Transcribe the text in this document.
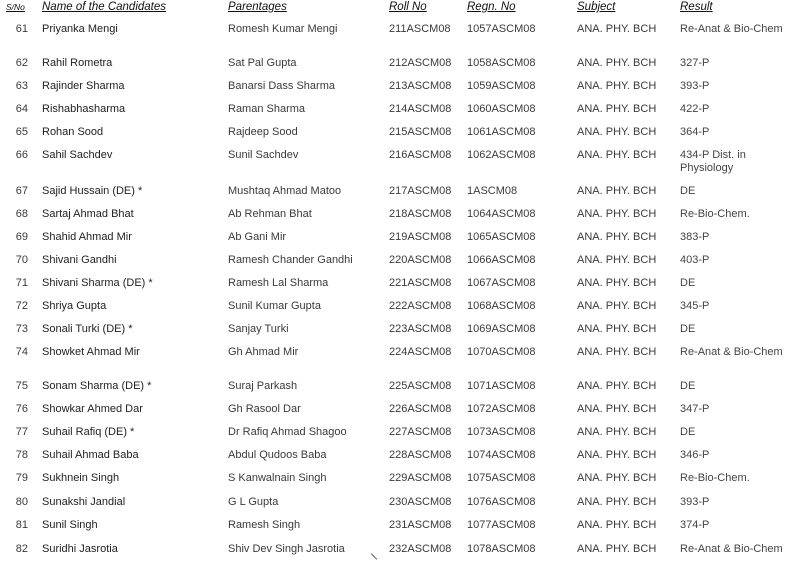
S/No Name of the Candidates	Parentages	Roll No	Regn. No	Subject	Result
61 Priyanka Mengi	Romesh Kumar Mengi	211ASCM08 1057ASCM08	ANA. PHY. BCH Re-Anat & Bio-Chem
62 Rahil Rometra	Sat Pal Gupta	212ASCM08 1058ASCM08	ANA. PHY. BCH 327-P
63 Rajinder Sharma	Banarsi Dass Sharma	213ASCM08 1059ASCM08	ANA. PHY. BCH 393-P
64 Rishabhasharma	Raman Sharma	214ASCM08 1060ASCM08	ANA. PHY. BCH 422-P
65 Rohan Sood	Rajdeep Sood	215ASCM08 1061ASCM08	ANA. PHY. BCH 364-P
66 Sahil Sachdev	Sunil Sachdev	216ASCM08 1062ASCM08	ANA. PHY. BCH 434-P Dist. in
Physiology
67 Sajid Hussain (DE) *	Mushtaq Ahmad Matoo	217ASCM08 1ASCM08	ANA. PHY. BCH DE
68 Sartaj Ahmad Bhat	Ab Rehman Bhat	218ASCM08 1064ASCM08	ANA. PHY. BCH Re-Bio-Chem.
69 Shahid Ahmad Mir	Ab Gani Mir	219ASCM08 1065ASCM08	ANA. PHY. BCH 383-P
70 Shivani Gandhi	Ramesh Chander Gandhi	220ASCM08 1066ASCM08	ANA. PHY. BCH 403-P
71 Shivani Sharma (DE) *	Ramesh Lal Sharma	221ASCM08 1067ASCM08	ANA. PHY. BCH DE
72 Shriya Gupta	Sunil Kumar Gupta	222ASCM08 1068ASCM08	ANA. PHY. BCH 345-P
73 Sonali Turki (DE) *	Sanjay Turki	223ASCM08 1069ASCM08	ANA. PHY. BCH DE
74 Showket Ahmad Mir	Gh Ahmad Mir	224ASCM08 1070ASCM08	ANA. PHY. BCH Re-Anat & Bio-Chem
75 Sonam Sharma (DE) *	Suraj Parkash	225ASCM08 1071ASCM08	ANA. PHY. BCH DE
76 Showkar Ahmed Dar	Gh Rasool Dar	226ASCM08 1072ASCM08	ANA. PHY. BCH 347-P
77 Suhail Rafiq (DE) *	Dr Rafiq Ahmad Shagoo	227ASCM08 1073ASCM08	ANA. PHY. BCH DE
78 Suhail Ahmad Baba	Abdul Qudoos Baba	228ASCM08 1074ASCM08	ANA. PHY. BCH 346-P
79 Sukhnein Singh	S Kanwalnain Singh	229ASCM08 1075ASCM08	ANA. PHY. BCH Re-Bio-Chem.
80 Sunakshi Jandial	G L Gupta	230ASCM08 1076ASCM08	ANA. PHY. BCH 393-P
81 Sunil Singh	Ramesh Singh	231ASCM08 1077ASCM08	ANA. PHY. BCH 374-P
82 Suridhi Jasrotia	Shiv Dev Singh Jasrotia	232ASCM08 1078ASCM08	ANA. PHY. BCH Re-Anat & Bio-Chem
